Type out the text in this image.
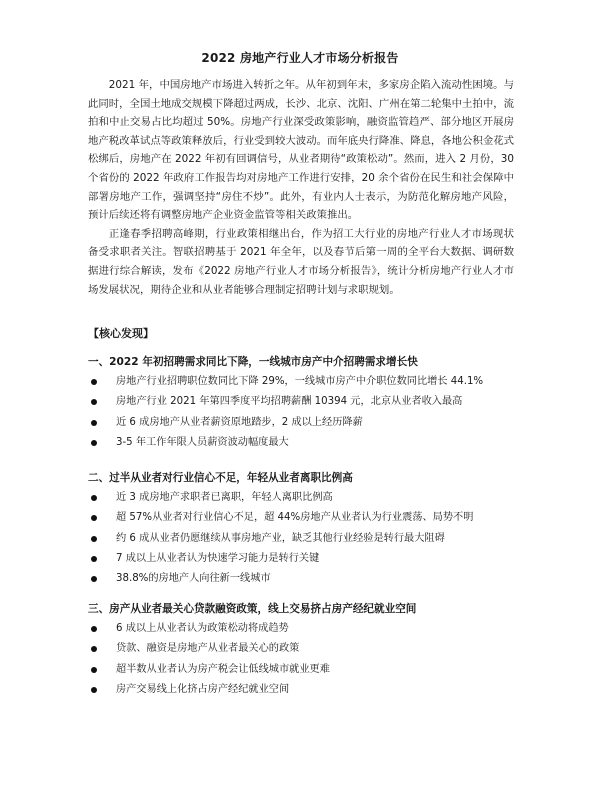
2022 房地产行业人才市场分析报告

2021 年，中国房地产市场进入转折之年。从年初到年末，多家房企陷入流动性困境。与此同时，全国土地成交规模下降超过两成，长沙、北京、沈阳、广州在第二轮集中土拍中，流拍和中止交易占比均超过 50%。房地产行业深受政策影响，融资监管趋严、部分地区开展房地产税改革试点等政策释放后，行业受到较大波动。而年底央行降准、降息，各地公积金花式松绑后，房地产在 2022 年初有回调信号，从业者期待“政策松动”。然而，进入 2 月份，30 个省份的 2022 年政府工作报告均对房地产工作进行安排，20 余个省份在民生和社会保障中部署房地产工作，强调坚持“房住不炒”。此外，有业内人士表示，为防范化解房地产风险，预计后续还将有调整房地产企业资金监管等相关政策推出。

正逢春季招聘高峰期，行业政策相继出台，作为招工大行业的房地产行业人才市场现状备受求职者关注。智联招聘基于 2021 年全年，以及春节后第一周的全平台大数据、调研数据进行综合解读，发布《2022 房地产行业人才市场分析报告》，统计分析房地产行业人才市场发展状况，期待企业和从业者能够合理制定招聘计划与求职规划。

【核心发现】
一、2022 年初招聘需求同比下降，一线城市房产中介招聘需求增长快
房地产行业招聘职位数同比下降 29%，一线城市房产中介职位数同比增长 44.1%
房地产行业 2021 年第四季度平均招聘薪酬 10394 元，北京从业者收入最高
近 6 成房地产从业者薪资原地踏步，2 成以上经历降薪
3-5 年工作年限人员薪资波动幅度最大
二、过半从业者对行业信心不足，年轻从业者离职比例高
近 3 成房地产求职者已离职，年轻人离职比例高
超 57%从业者对行业信心不足，超 44%房地产从业者认为行业震荡、局势不明
约 6 成从业者仍愿继续从事房地产业，缺乏其他行业经验是转行最大阻碍
7 成以上从业者认为快速学习能力是转行关键
38.8%的房地产人向往新一线城市
三、房产从业者最关心贷款融资政策，线上交易挤占房产经纪就业空间
6 成以上从业者认为政策松动将成趋势
贷款、融资是房地产从业者最关心的政策
超半数从业者认为房产税会让低线城市就业更难
房产交易线上化挤占房产经纪就业空间
